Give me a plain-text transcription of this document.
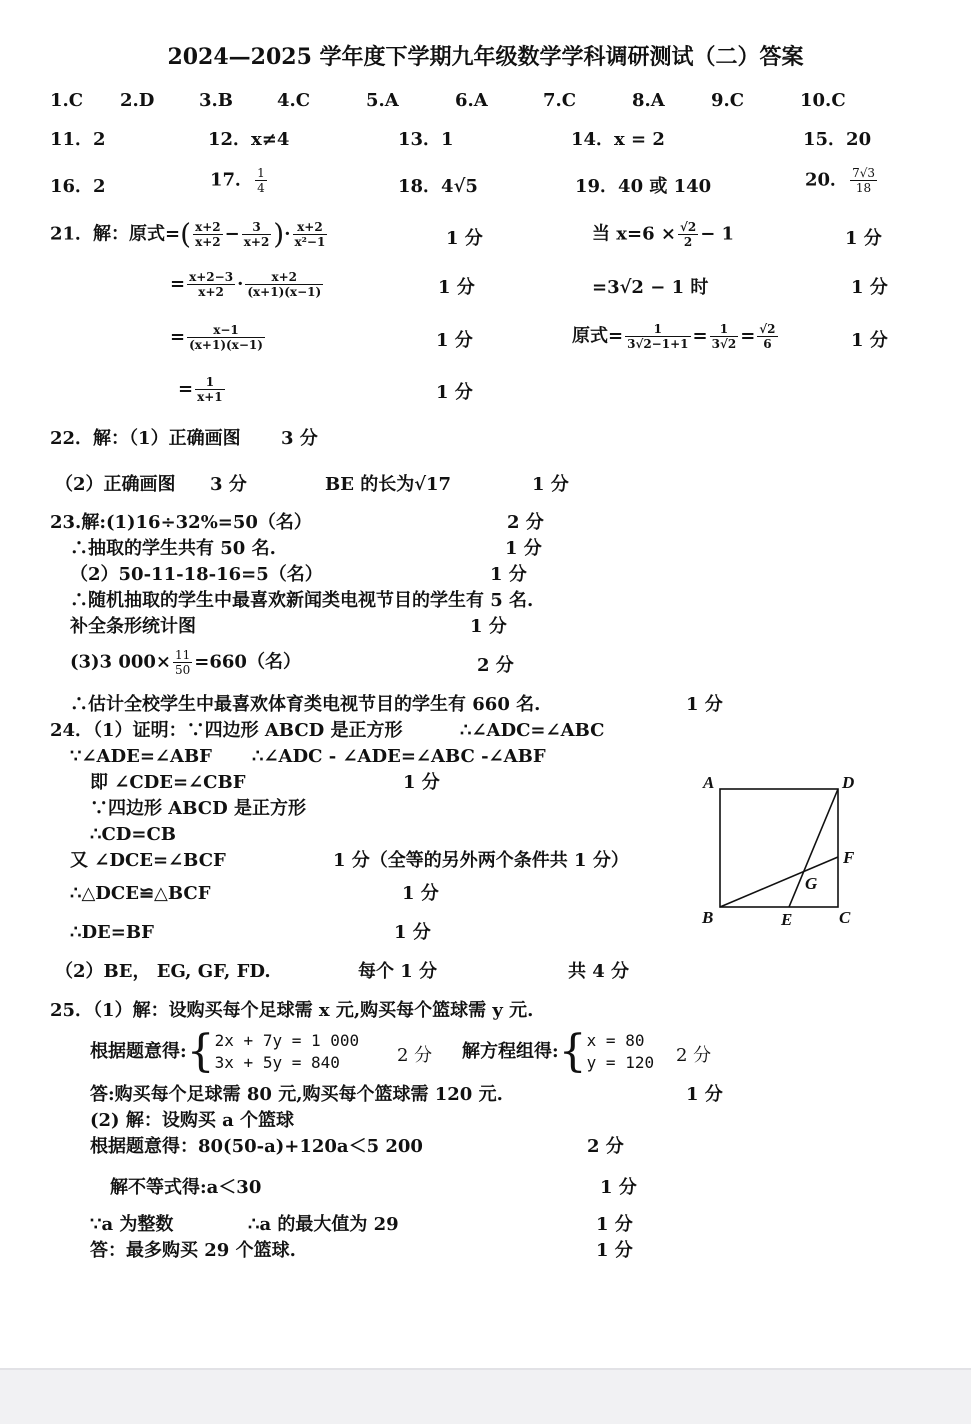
2024—2025 学年度下学期九年级数学学科调研测试（二）答案
1.C 2.D 3.B 4.C	5.A	6.A	7.C	8.A	9.C	10.C
11．2	12．x≠4	13．1	14．x = 2	15．20
16．2	17． $\frac{1}{4}$	18．4√5	19．40 或 140	20． $\frac{7√3}{18}$
21．解：原式=( $\frac{x+2}{x+2} - \frac{3}{x+2}$ )· $\frac{x+2}{\text{x²−1}}$	1 分
= $\frac{x+2-3}{x+2} \cdot \frac{x+2}{(x+1)(x-1)}$	1 分
= $\frac{x-1}{(x+1)(x-1)}$	1 分
= $\frac{1}{x+1}$	1 分
当 $x=6 \times \frac{√2}{2} - 1$	1 分
=3√2 − 1 时	1 分
原式= $\frac{1}{3√2-1+1} = \frac{1}{3√2} = \frac{√2}{6}$	1 分
22．解：（1）正确画图 3 分
（2）正确画图 3 分	BE 的长为√17	1 分
23.解:(1)16÷32%=50（名）	2 分
∴抽取的学生共有 50 名.	1 分
（2）50-11-18-16=5（名）	1 分
∴随机抽取的学生中最喜欢新闻类电视节目的学生有 5 名.
补全条形统计图	1 分
(3)3 $000\times \frac{11}{50} =660$（名）	2 分
∴估计全校学生中最喜欢体育类电视节目的学生有 660 名.	1 分
24．（1）证明：∵四边形 ABCD 是正方形	∴∠ADC=∠ABC
∵∠ADE=∠ABF ∴∠ADC - ∠ADE=∠ABC -∠ABF
即 ∠CDE=∠CBF	1 分
∵四边形 ABCD 是正方形
∴CD=CB
又 ∠DCE=∠BCF	1 分（全等的另外两个条件共 1 分）
∴△DCE≌△BCF	1 分
∴DE=BF	1 分
（2）BE， EG, GF, FD.	每个 1 分	共 4 分
A	D
F
G
B	E	C
25．（1）解：设购买每个足球需 x 元,购买每个篮球需 y 元.
根据题意得:{ 2x + 7y = 1 000
3x + 5y = 840	2 分 解方程组得:{ x = 80
y = 120 2 分
答:购买每个足球需 80 元,购买每个篮球需 120 元.	1 分
(2) 解：设购买 a 个篮球
根据题意得：80(50-a)+120a＜5 200	2 分
解不等式得:a＜30	1 分
∵a 为整数	∴a 的最大值为 29	1 分
答：最多购买 29 个篮球.	1 分
